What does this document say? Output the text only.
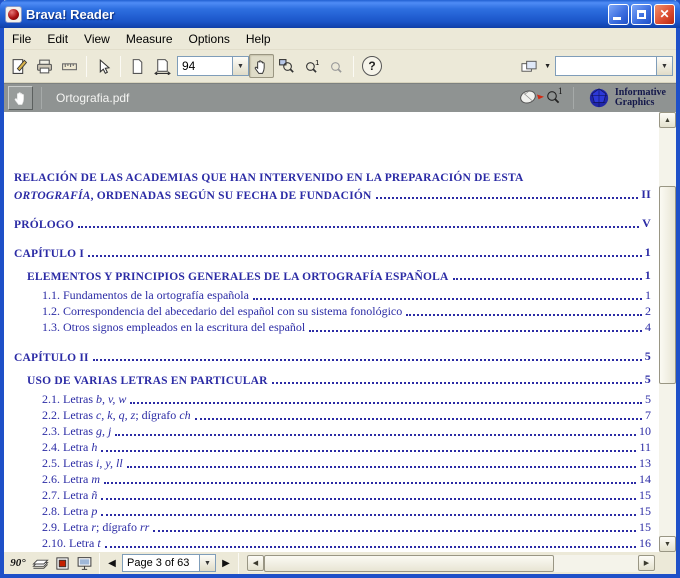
Brava! Reader	✕
File	Edit	View	Measure	Options	Help
94	▼	1	?	▼	▼
Ortografia.pdf
1	Informative
Graphics
RELACIÓN DE LAS ACADEMIAS QUE HAN INTERVENIDO EN LA PREPARACIÓN DE ESTA
ORTOGRAFÍA, ORDENADAS SEGÚN SU FECHA DE FUNDACIÓN	II
PRÓLOGO	V
CAPÍTULO I	1
ELEMENTOS Y PRINCIPIOS GENERALES DE LA ORTOGRAFÍA ESPAÑOLA	1
1.1. Fundamentos de la ortografía española	1
1.2. Correspondencia del abecedario del español con su sistema fonológico	2
1.3. Otros signos empleados en la escritura del español	4
CAPÍTULO II	5
USO DE VARIAS LETRAS EN PARTICULAR	5
2.1. Letras b, v, w	5
2.2. Letras c, k, q, z; dígrafo ch	7
2.3. Letras g, j	10
2.4. Letra h	11
2.5. Letras i, y, ll	13
2.6. Letra m	14
2.7. Letra ñ	15
2.8. Letra p	15
2.9. Letra r; dígrafo rr	15
2.10. Letra t	16
▲
▼
90°	◀	Page 3 of 63	▼	▶	◀	▶
